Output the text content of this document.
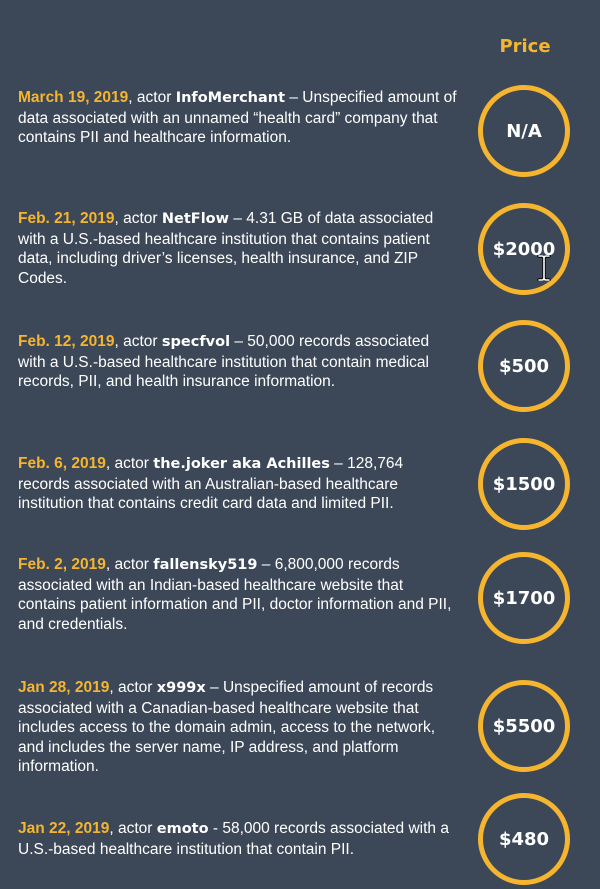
Price
March 19, 2019, actor InfoMerchant – Unspecified amount of data associated with an unnamed “health card” company that contains PII and healthcare information.	N/A
Feb. 21, 2019, actor NetFlow – 4.31 GB of data associated with a U.S.-based healthcare institution that contains patient data, including driver’s licenses, health insurance, and ZIP Codes.
$2000
Feb. 12, 2019, actor specfvol – 50,000 records associated with a U.S.-based healthcare institution that contain medical records, PII, and health insurance information.
$500
Feb. 6, 2019, actor the.joker aka Achilles – 128,764 records associated with an Australian-based healthcare institution that contains credit card data and limited PII.
$1500
Feb. 2, 2019, actor fallensky519 – 6,800,000 records associated with an Indian-based healthcare website that contains patient information and PII, doctor information and PII, and credentials.
$1700
Jan 28, 2019, actor x999x – Unspecified amount of records associated with a Canadian-based healthcare website that includes access to the domain admin, access to the network, and includes the server name, IP address, and platform information.
$5500
Jan 22, 2019, actor emoto - 58,000 records associated with a U.S.-based healthcare institution that contain PII.	$480
